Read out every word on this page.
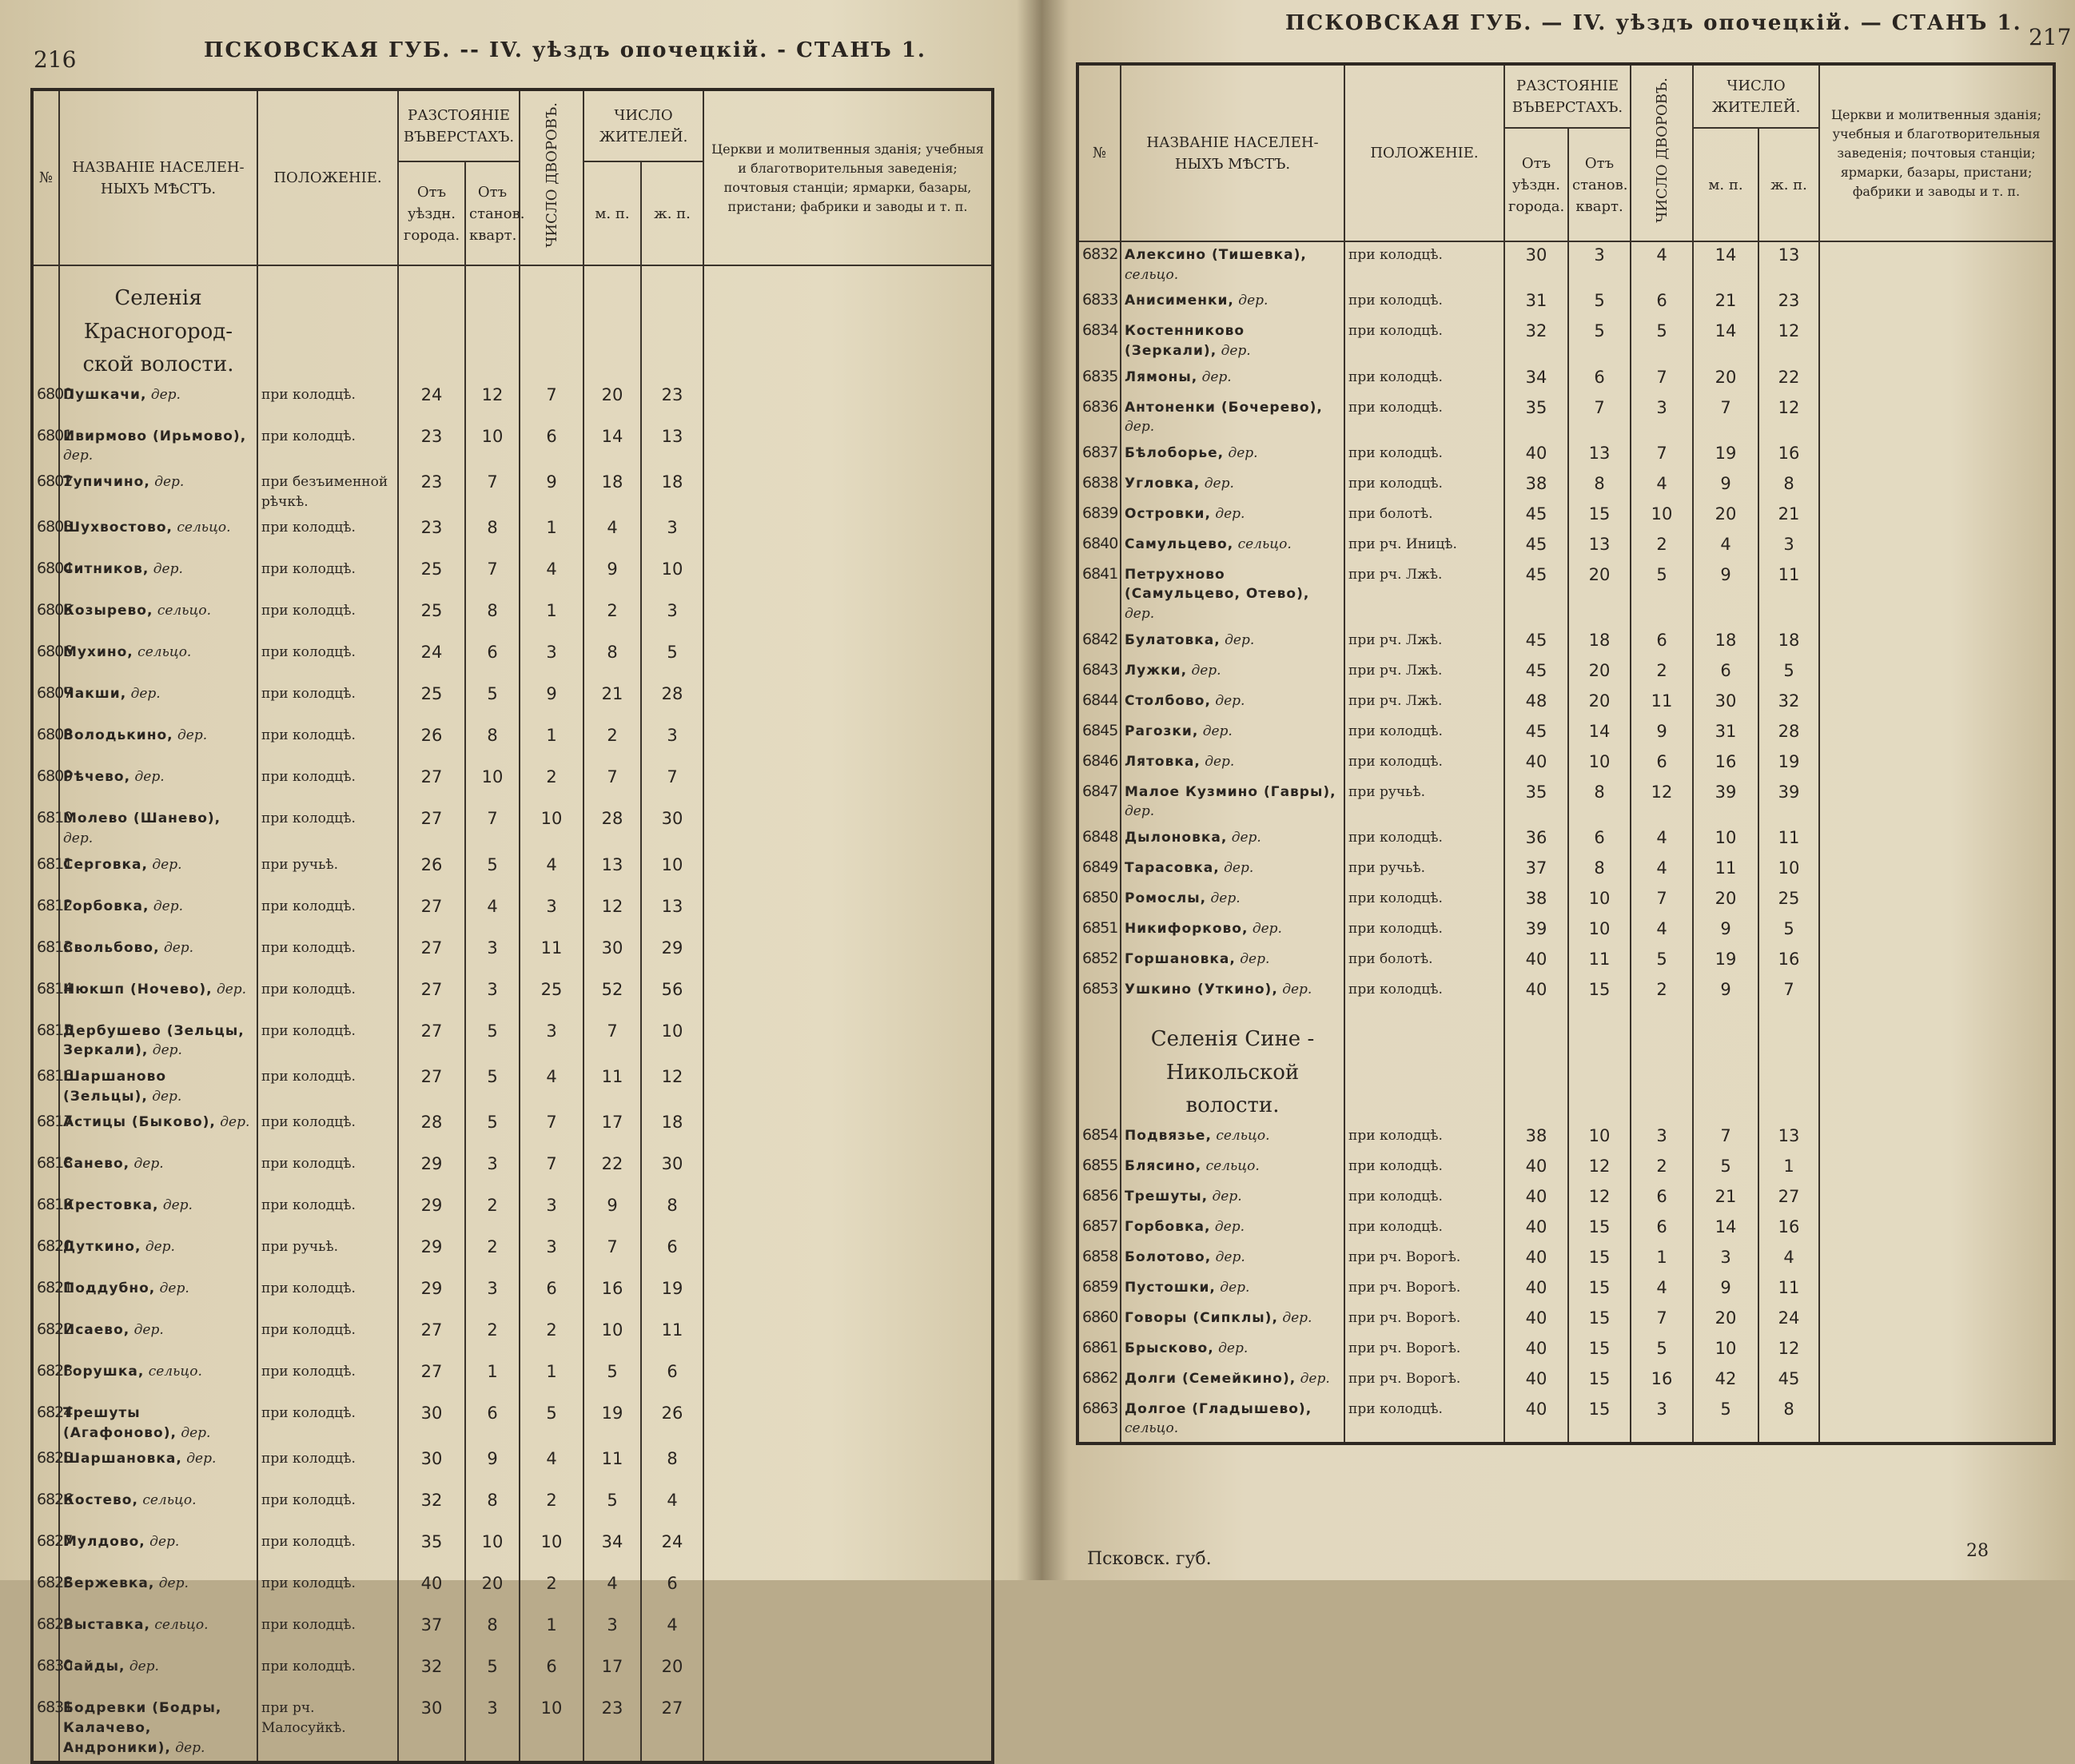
216	ПСКОВСКАЯ ГУБ. -- IV. уѣздъ опочецкій. - СТАНЪ 1.
№	НАЗВАНІЕ НАСЕЛЕН-НЫХЪ МѢСТЪ.	ПОЛОЖЕНІЕ.	РАЗСТОЯНІЕ ВЪВЕРСТАХЪ.		ЧИСЛО ДВОРОВЪ.	ЧИСЛО ЖИТЕЛЕЙ.		Церкви и молитвенныя зданія; учебныя и благотворительныя заведенія; почтовыя станціи; ярмарки, базары, пристани; фабрики и заводы и т. п.
			Отъ уѣздн. города.	Отъ станов. кварт.		м. п.	ж. п.	

	Селенія Красногород-ской волости.							

6800	Пушкачи, дер.	при колодцѣ.	24	12	7	20	23	
6801	Ивирмово (Ирьмово), дер.	при колодцѣ.	23	10	6	14	13	
6802	Тупичино, дер.	при безъименной рѣчкѣ.	23	7	9	18	18	
6803	Шухвостово, сельцо.	при колодцѣ.	23	8	1	4	3	
6804	Ситников, дер.	при колодцѣ.	25	7	4	9	10	
6805	Козырево, сельцо.	при колодцѣ.	25	8	1	2	3	
6806	Мухино, сельцо.	при колодцѣ.	24	6	3	8	5	
6807	Чакши, дер.	при колодцѣ.	25	5	9	21	28	
6808	Володькино, дер.	при колодцѣ.	26	8	1	2	3	
6809	Рѣчево, дер.	при колодцѣ.	27	10	2	7	7	
6810	Молево (Шанево), дер.	при колодцѣ.	27	7	10	28	30	
6811	Серговка, дер.	при ручьѣ.	26	5	4	13	10	
6812	Горбовка, дер.	при колодцѣ.	27	4	3	12	13	
6813	Свольбово, дер.	при колодцѣ.	27	3	11	30	29	
6814	Нюкшп (Ночево), дер.	при колодцѣ.	27	3	25	52	56	
6815	Дербушево (Зельцы, Зеркали), дер.	при колодцѣ.	27	5	3	7	10	
6816	Шаршаново (Зельцы), дер.	при колодцѣ.	27	5	4	11	12	
6817	Астицы (Быково), дер.	при колодцѣ.	28	5	7	17	18	
6818	Санево, дер.	при колодцѣ.	29	3	7	22	30	
6819	Крестовка, дер.	при колодцѣ.	29	2	3	9	8	
6820	Дуткино, дер.	при ручьѣ.	29	2	3	7	6	
6821	Поддубно, дер.	при колодцѣ.	29	3	6	16	19	
6822	Исаево, дер.	при колодцѣ.	27	2	2	10	11	
6823	Горушка, сельцо.	при колодцѣ.	27	1	1	5	6	
6824	Трешуты (Агафоново), дер.	при колодцѣ.	30	6	5	19	26	
6825	Шаршановка, дер.	при колодцѣ.	30	9	4	11	8	
6826	Костево, сельцо.	при колодцѣ.	32	8	2	5	4	
6827	Мулдово, дер.	при колодцѣ.	35	10	10	34	24	
6828	Бержевка, дер.	при колодцѣ.	40	20	2	4	6	
6829	Выставка, сельцо.	при колодцѣ.	37	8	1	3	4	
6830	Сайды, дер.	при колодцѣ.	32	5	6	17	20	
6831	Бодревки (Бодры, Калачево, Андроники), дер.	при рч. Малосуйкѣ.	30	3	10	23	27	
ПСКОВСКАЯ ГУБ. — IV. уѣздъ опочецкій. — СТАНЪ 1.
217
№	НАЗВАНІЕ НАСЕЛЕН-НЫХЪ МѢСТЪ.	ПОЛОЖЕНІЕ.	РАЗСТОЯНІЕ ВЪВЕРСТАХЪ.		ЧИСЛО ДВОРОВЪ.	ЧИСЛО ЖИТЕЛЕЙ.		Церкви и молитвенныя зданія; учебныя и благотворительныя заведенія; почтовыя станціи; ярмарки, базары, пристани; фабрики и заводы и т. п.
			Отъ уѣздн. города.	Отъ станов. кварт.		м. п.	ж. п.	
6832	Алексино (Тишевка), сельцо.	при колодцѣ.	30	3	4	14	13	
6833	Анисименки, дер.	при колодцѣ.	31	5	6	21	23	
6834	Костенниково (Зеркали), дер.	при колодцѣ.	32	5	5	14	12	
6835	Лямоны, дер.	при колодцѣ.	34	6	7	20	22	
6836	Антоненки (Бочерево), дер.	при колодцѣ.	35	7	3	7	12	
6837	Бѣлоборье, дер.	при колодцѣ.	40	13	7	19	16	
6838	Угловка, дер.	при колодцѣ.	38	8	4	9	8	
6839	Островки, дер.	при болотѣ.	45	15	10	20	21	
6840	Самульцево, сельцо.	при рч. Иницѣ.	45	13	2	4	3	
6841	Петрухново (Самульцево, Отево), дер.	при рч. Лжѣ.	45	20	5	9	11	
6842	Булатовка, дер.	при рч. Лжѣ.	45	18	6	18	18	
6843	Лужки, дер.	при рч. Лжѣ.	45	20	2	6	5	
6844	Столбово, дер.	при рч. Лжѣ.	48	20	11	30	32	
6845	Рагозки, дер.	при колодцѣ.	45	14	9	31	28	
6846	Лятовка, дер.	при колодцѣ.	40	10	6	16	19	
6847	Малое Кузмино (Гавры), дер.	при ручьѣ.	35	8	12	39	39	
6848	Дылоновка, дер.	при колодцѣ.	36	6	4	10	11	
6849	Тарасовка, дер.	при ручьѣ.	37	8	4	11	10	
6850	Ромослы, дер.	при колодцѣ.	38	10	7	20	25	
6851	Никифорково, дер.	при колодцѣ.	39	10	4	9	5	
6852	Горшановка, дер.	при болотѣ.	40	11	5	19	16	
6853	Ушкино (Уткино), дер.	при колодцѣ.	40	15	2	9	7	

	Селенія Сине - Никольской волости.							

6854	Подвязье, сельцо.	при колодцѣ.	38	10	3	7	13	
6855	Блясино, сельцо.	при колодцѣ.	40	12	2	5	1	
6856	Трешуты, дер.	при колодцѣ.	40	12	6	21	27	
6857	Горбовка, дер.	при колодцѣ.	40	15	6	14	16	
6858	Болотово, дер.	при рч. Ворогѣ.	40	15	1	3	4	
6859	Пустошки, дер.	при рч. Ворогѣ.	40	15	4	9	11	
6860	Говоры (Сипклы), дер.	при рч. Ворогѣ.	40	15	7	20	24	
6861	Брысково, дер.	при рч. Ворогѣ.	40	15	5	10	12	
6862	Долги (Семейкино), дер.	при рч. Ворогѣ.	40	15	16	42	45	
6863	Долгое (Гладышево), сельцо.	при колодцѣ.	40	15	3	5	8	
Псковск. губ.	28
